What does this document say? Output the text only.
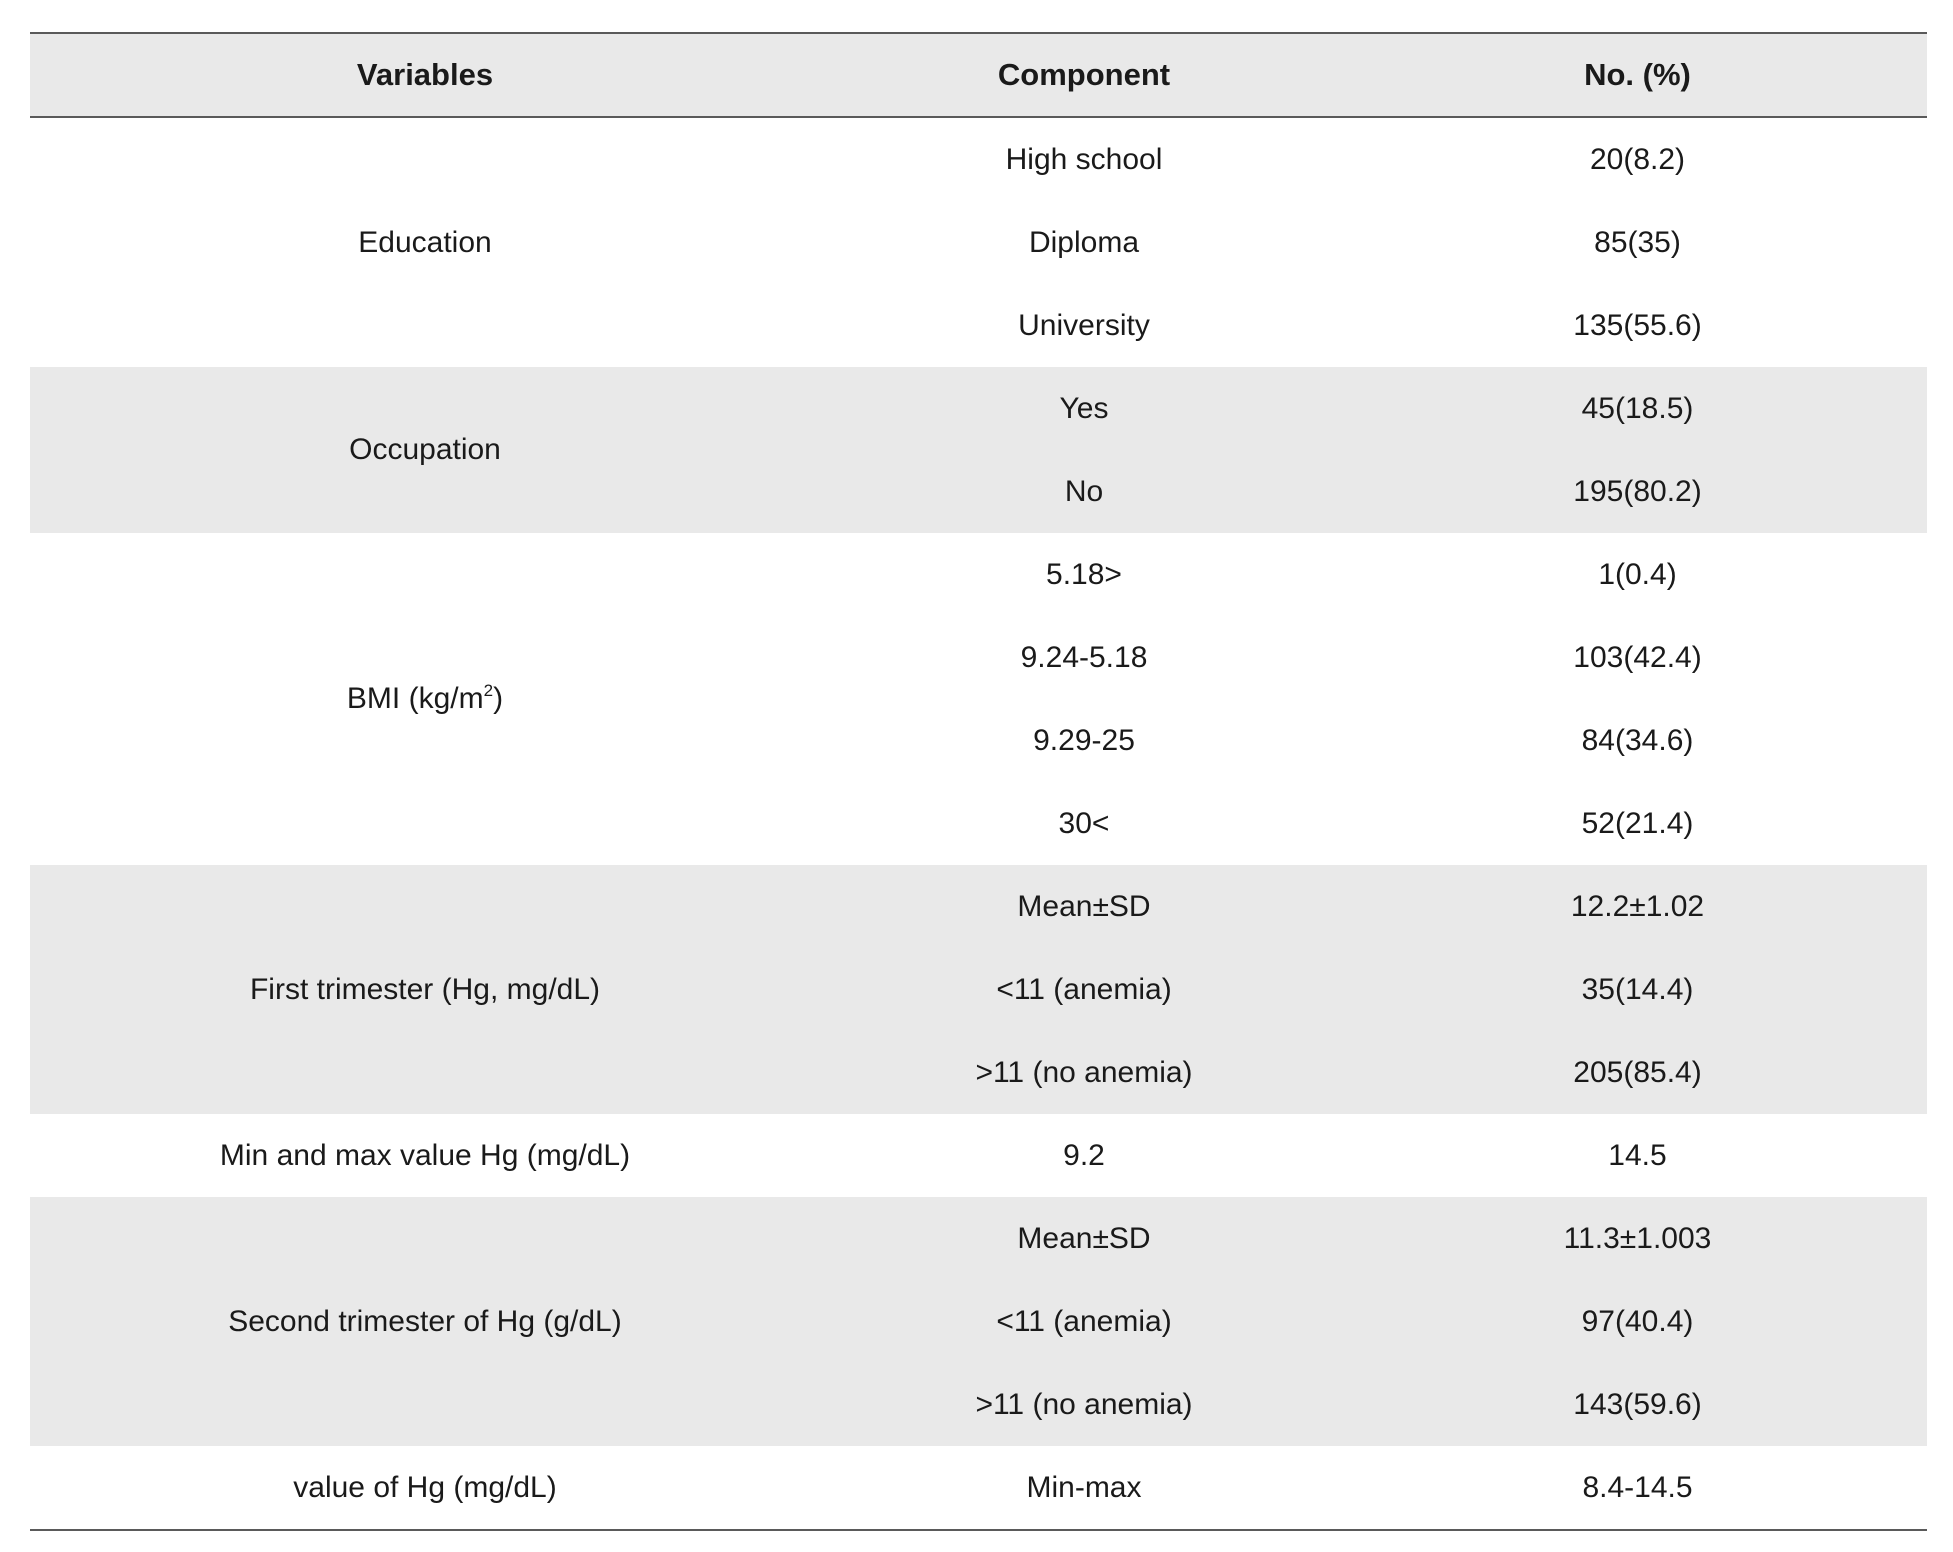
Variables	Component	No. (%)
Education	High school	20(8.2)
	Diploma	85(35)
	University	135(55.6)
Occupation	Yes	45(18.5)
	No	195(80.2)
BMI $(kg/m^2)$	5.18>	1(0.4)
	9.24-5.18	103(42.4)
	9.29-25	84(34.6)
	30<	52(21.4)
First trimester (Hg, mg/dL)	Mean±SD	12.2±1.02
	<11 (anemia)	35(14.4)
	>11 (no anemia)	205(85.4)
Min and max value Hg (mg/dL)	9.2	14.5
Second trimester of Hg (g/dL)	Mean±SD	11.3±1.003
	<11 (anemia)	97(40.4)
	>11 (no anemia)	143(59.6)
value of Hg (mg/dL)	Min-max	8.4-14.5
